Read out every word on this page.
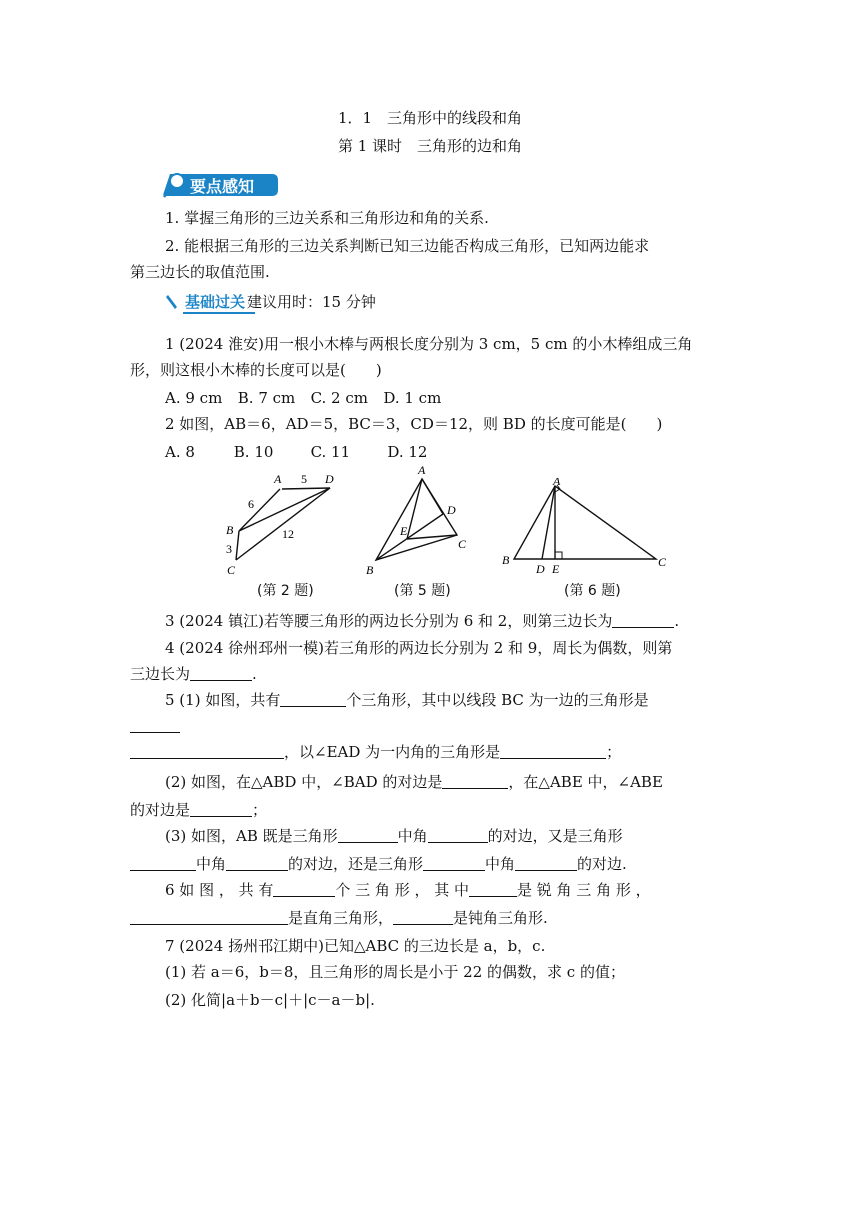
1．1　三角形中的线段和角
第 1 课时　三角形的边和角
要点感知
1. 掌握三角形的三边关系和三角形边和角的关系.
2. 能根据三角形的三边关系判断已知三边能否构成三角形，已知两边能求
第三边长的取值范围.
基础过关 建议用时：15 分钟
1 (2024 淮安)用一根小木棒与两根长度分别为 3 cm，5 cm 的小木棒组成三角
形，则这根小木棒的长度可以是(　　)
A. 9 cm B. 7 cm C. 2 cm D. 1 cm
2 如图，AB＝6，AD＝5，BC＝3，CD＝12，则 BD 的长度可能是(　　)
A. 8	B. 10 C. 11 D. 12
A	D
B
C
6
5
3
12
(第 2 题)
A
B
C
D
E
(第 5 题)
A
B	C
D E
(第 6 题)
3 (2024 镇江)若等腰三角形的两边长分别为 6 和 2，则第三边长为	.
4 (2024 徐州邳州一模)若三角形的两边长分别为 2 和 9，周长为偶数，则第
三边长为	.
5 (1) 如图，共有	个三角形，其中以线段 BC 为一边的三角形是
，以∠EAD 为一内角的三角形是	；
(2) 如图，在△ABD 中，∠BAD 的对边是	，在△ABE 中，∠ABE
的对边是	；
(3) 如图，AB 既是三角形	中角	的对边，又是三角形
中角	的对边，还是三角形	中角	的对边.
6 如 图 ， 共 有	个 三 角 形 ， 其 中	是 锐 角 三 角 形 ，
是直角三角形，	是钝角三角形.
7 (2024 扬州邗江期中)已知△ABC 的三边长是 a，b，c.
(1) 若 a＝6，b＝8，且三角形的周长是小于 22 的偶数，求 c 的值；
(2) 化简|a＋b－c|＋|c－a－b|.
